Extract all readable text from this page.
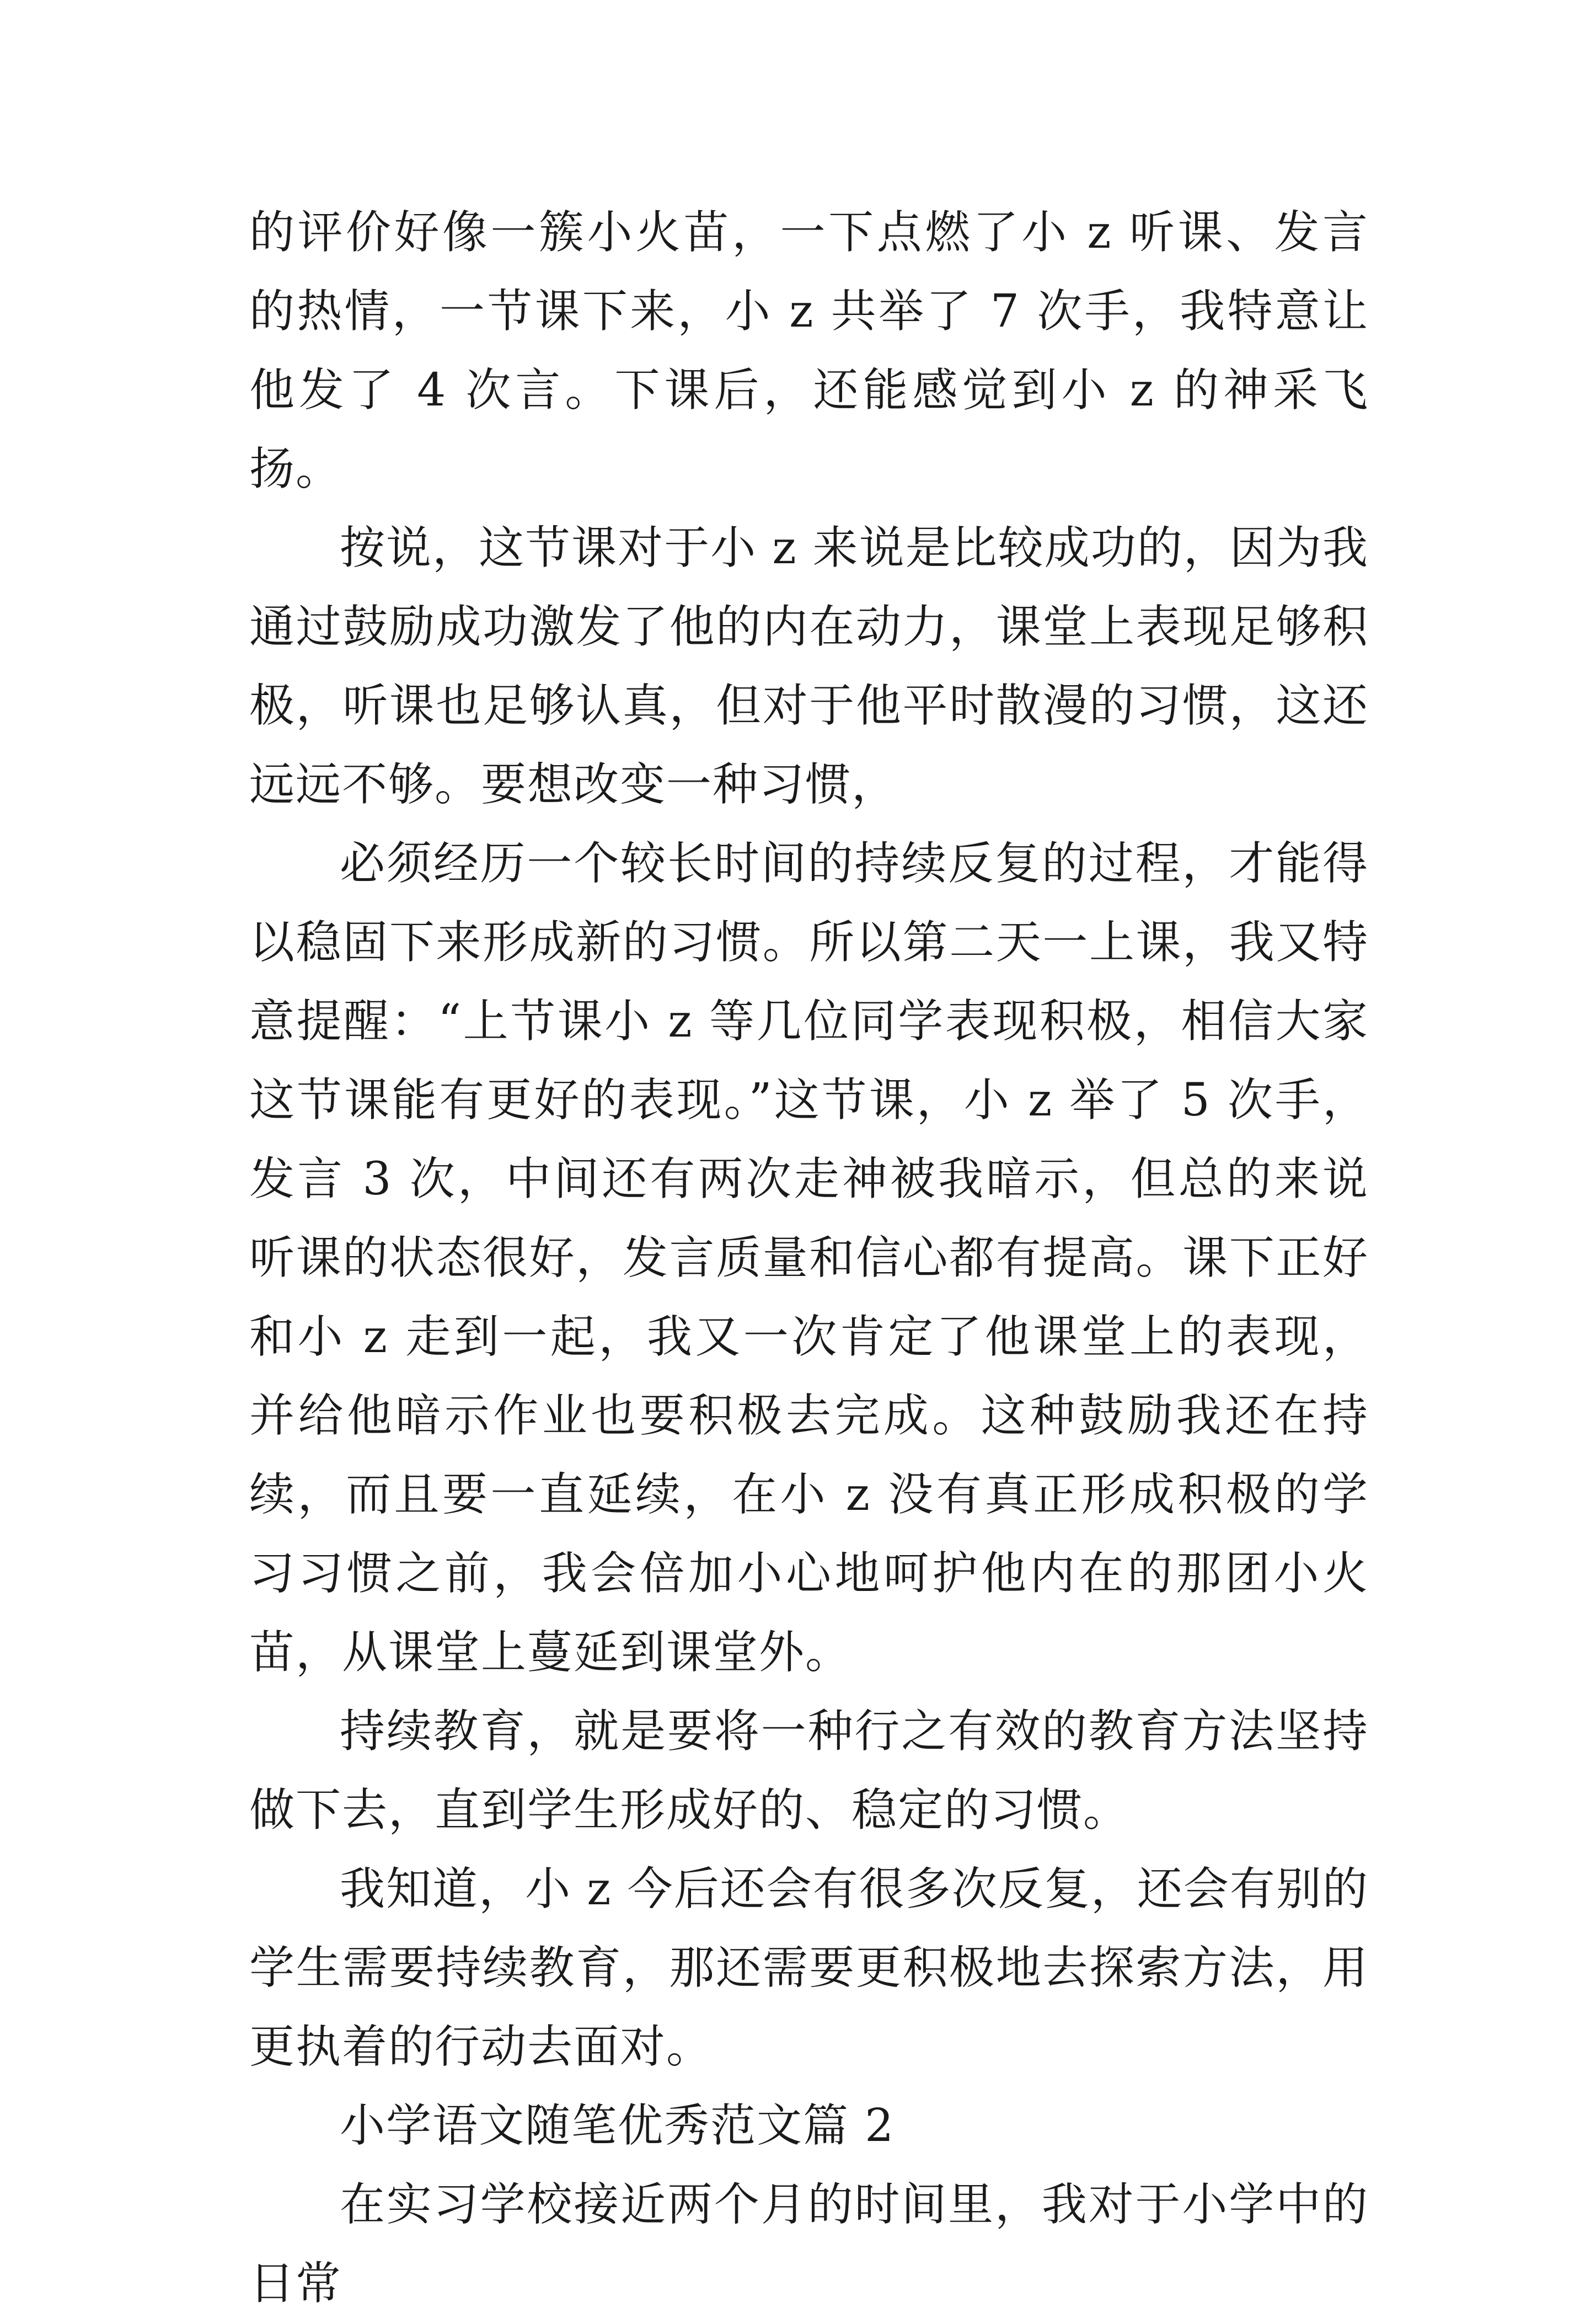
的评价好像一簇小火苗，一下点燃了小 z 听课、发言的热情，一节课下来，小 z 共举了 7 次手，我特意让他发了 4 次言。下课后，还能感觉到小 z 的神采飞扬。

按说，这节课对于小 z 来说是比较成功的，因为我通过鼓励成功激发了他的内在动力，课堂上表现足够积极，听课也足够认真，但对于他平时散漫的习惯，这还远远不够。要想改变一种习惯，

必须经历一个较长时间的持续反复的过程，才能得以稳固下来形成新的习惯。所以第二天一上课，我又特意提醒：“上节课小 z 等几位同学表现积极，相信大家这节课能有更好的表现。”这节课，小 z 举了 5 次手，发言 3 次，中间还有两次走神被我暗示，但总的来说听课的状态很好，发言质量和信心都有提高。课下正好和小 z 走到一起，我又一次肯定了他课堂上的表现，并给他暗示作业也要积极去完成。这种鼓励我还在持续，而且要一直延续，在小 z 没有真正形成积极的学习习惯之前，我会倍加小心地呵护他内在的那团小火苗，从课堂上蔓延到课堂外。

持续教育，就是要将一种行之有效的教育方法坚持做下去，直到学生形成好的、稳定的习惯。

我知道，小 z 今后还会有很多次反复，还会有别的学生需要持续教育，那还需要更积极地去探索方法，用更执着的行动去面对。

小学语文随笔优秀范文篇 2

在实习学校接近两个月的时间里，我对于小学中的日常
